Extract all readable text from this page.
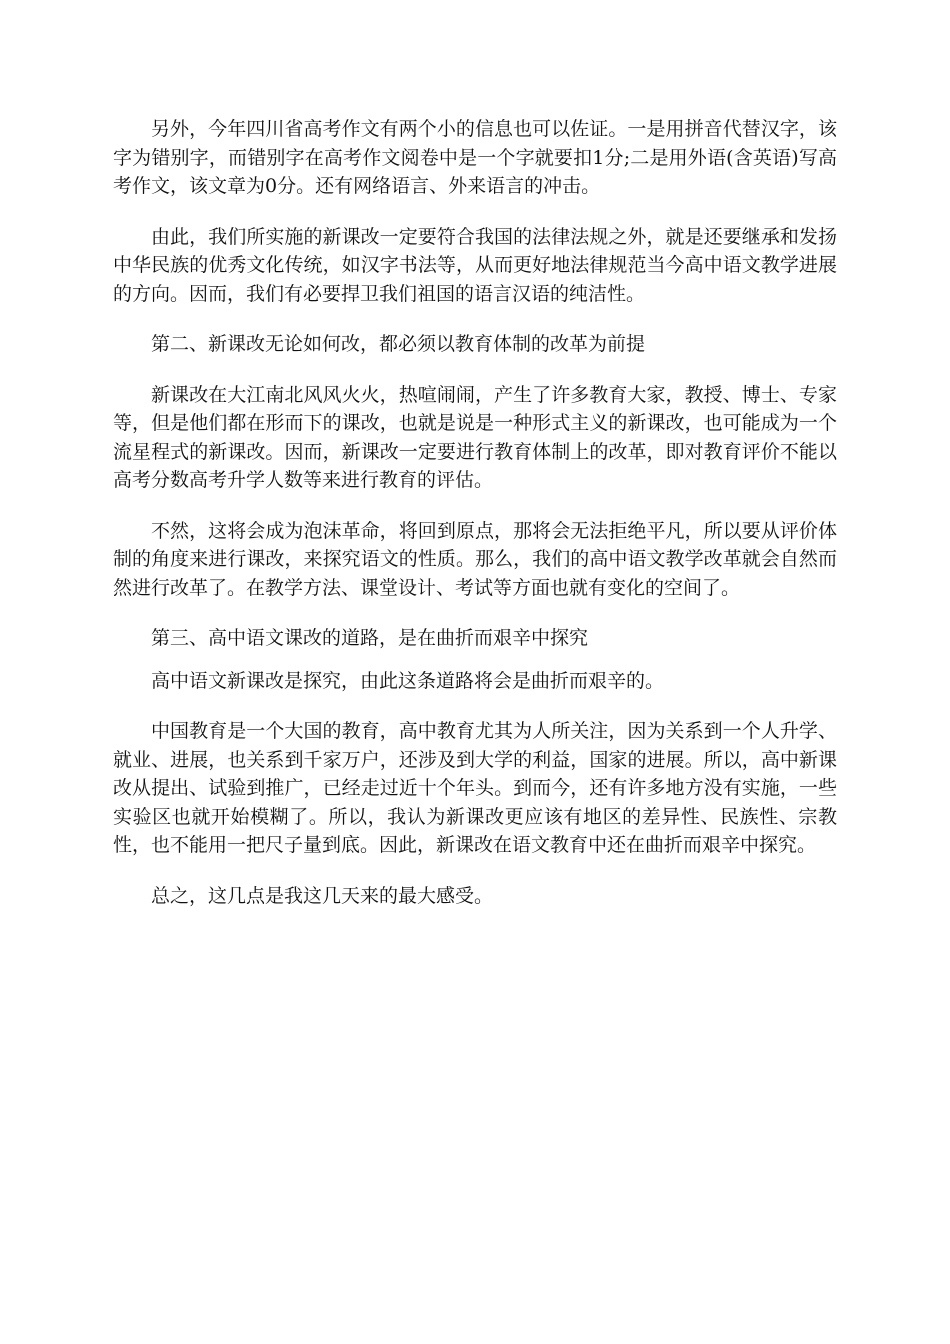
另外，今年四川省高考作文有两个小的信息也可以佐证。一是用拼音代替汉字，该字为错别字，而错别字在高考作文阅卷中是一个字就要扣1分;二是用外语(含英语)写高考作文，该文章为0分。还有网络语言、外来语言的冲击。

由此，我们所实施的新课改一定要符合我国的法律法规之外，就是还要继承和发扬中华民族的优秀文化传统，如汉字书法等，从而更好地法律规范当今高中语文教学进展的方向。因而，我们有必要捍卫我们祖国的语言汉语的纯洁性。

第二、新课改无论如何改，都必须以教育体制的改革为前提

新课改在大江南北风风火火，热喧闹闹，产生了许多教育大家，教授、博士、专家等，但是他们都在形而下的课改，也就是说是一种形式主义的新课改，也可能成为一个流星程式的新课改。因而，新课改一定要进行教育体制上的改革，即对教育评价不能以高考分数高考升学人数等来进行教育的评估。

不然，这将会成为泡沫革命，将回到原点，那将会无法拒绝平凡，所以要从评价体制的角度来进行课改，来探究语文的性质。那么，我们的高中语文教学改革就会自然而然进行改革了。在教学方法、课堂设计、考试等方面也就有变化的空间了。

第三、高中语文课改的道路，是在曲折而艰辛中探究

高中语文新课改是探究，由此这条道路将会是曲折而艰辛的。

中国教育是一个大国的教育，高中教育尤其为人所关注，因为关系到一个人升学、就业、进展，也关系到千家万户，还涉及到大学的利益，国家的进展。所以，高中新课改从提出、试验到推广，已经走过近十个年头。到而今，还有许多地方没有实施，一些实验区也就开始模糊了。所以，我认为新课改更应该有地区的差异性、民族性、宗教性，也不能用一把尺子量到底。因此，新课改在语文教育中还在曲折而艰辛中探究。

总之，这几点是我这几天来的最大感受。
